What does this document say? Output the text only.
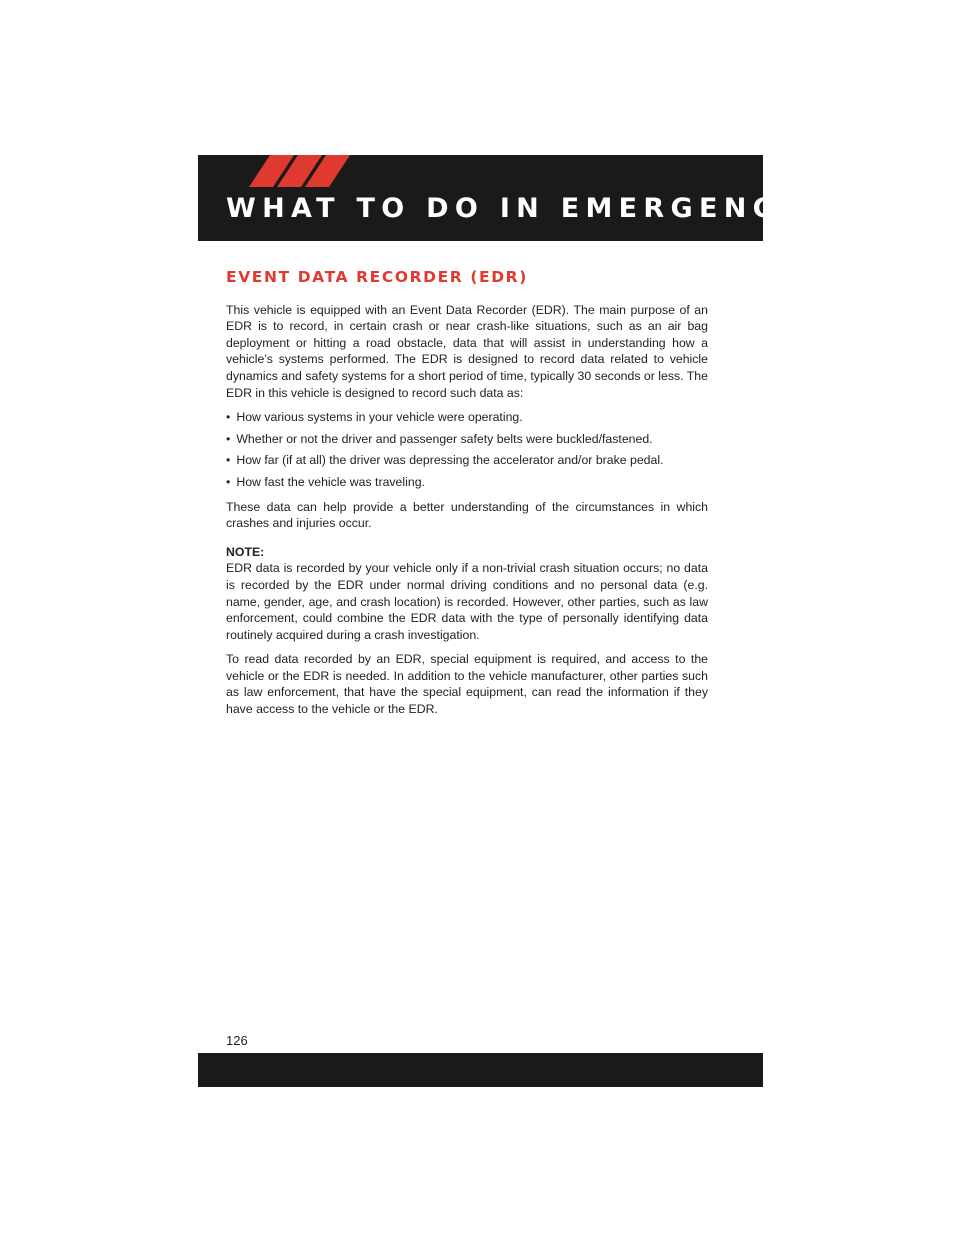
WHAT TO DO IN EMERGENCIES
EVENT DATA RECORDER (EDR)

This vehicle is equipped with an Event Data Recorder (EDR). The main purpose of an EDR is to record, in certain crash or near crash-like situations, such as an air bag deployment or hitting a road obstacle, data that will assist in understanding how a vehicle’s systems performed. The EDR is designed to record data related to vehicle dynamics and safety systems for a short period of time, typically 30 seconds or less. The EDR in this vehicle is designed to record such data as:

• How various systems in your vehicle were operating.
• Whether or not the driver and passenger safety belts were buckled/fastened.
• How far (if at all) the driver was depressing the accelerator and/or brake pedal.
• How fast the vehicle was traveling.

These data can help provide a better understanding of the circumstances in which crashes and injuries occur.

NOTE:

EDR data is recorded by your vehicle only if a non-trivial crash situation occurs; no data is recorded by the EDR under normal driving conditions and no personal data (e.g. name, gender, age, and crash location) is recorded. However, other parties, such as law enforcement, could combine the EDR data with the type of personally identifying data routinely acquired during a crash investigation.

To read data recorded by an EDR, special equipment is required, and access to the vehicle or the EDR is needed. In addition to the vehicle manufacturer, other parties such as law enforcement, that have the special equipment, can read the information if they have access to the vehicle or the EDR.

126
